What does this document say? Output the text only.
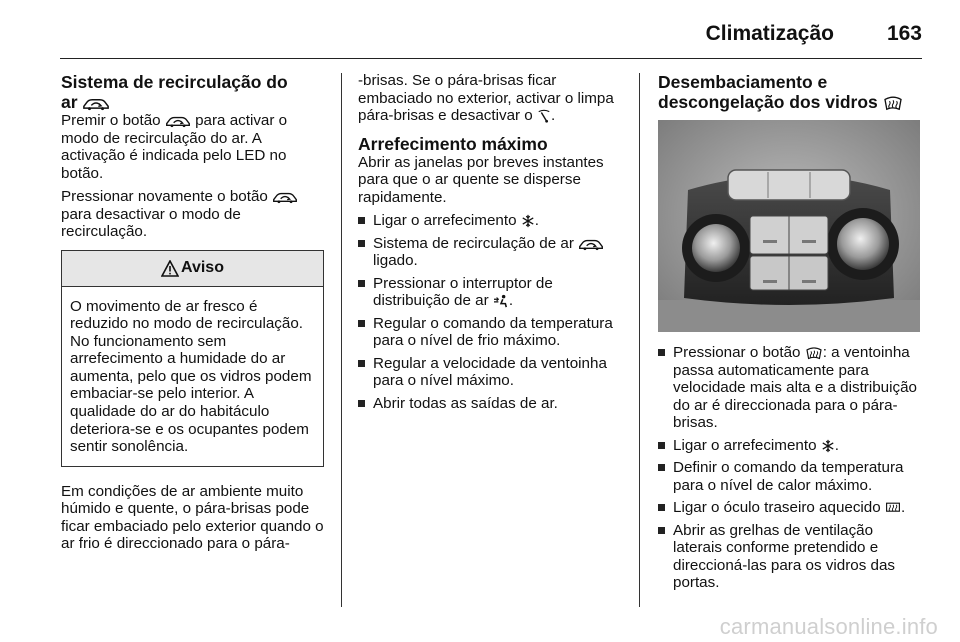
Climatização	163
Sistema de recirculação do
ar

Premir o botão para activar o modo de recirculação do ar. A activação é indicada pelo LED no botão.

Pressionar novamente o botão  para desactivar o modo de recirculação.

Aviso
O movimento de ar fresco é reduzido no modo de recirculação. No funcionamento sem arrefecimento a humidade do ar aumenta, pelo que os vidros podem embaciar-se pelo interior. A qualidade do ar do habitáculo deteriora-se e os ocupantes podem sentir sonolência.

Em condições de ar ambiente muito húmido e quente, o pára-brisas pode ficar embaciado pelo exterior quando o ar frio é direccionado para o pára-

-brisas. Se o pára-brisas ficar embaciado no exterior, activar o limpa pára-brisas e desactivar o .

Arrefecimento máximo

Abrir as janelas por breves instantes para que o ar quente se disperse rapidamente.

Ligar o arrefecimento .
Sistema de recirculação de ar  ligado.
Pressionar o interruptor de distribuição de ar .
Regular o comando da temperatura para o nível de frio máximo.
Regular a velocidade da ventoinha para o nível máximo.
Abrir todas as saídas de ar.
Desembaciamento e
descongelação dos vidros
Pressionar o botão : a ventoinha passa automaticamente para velocidade mais alta e a distribuição do ar é direccionada para o pára-brisas.
Ligar o arrefecimento .
Definir o comando da temperatura para o nível de calor máximo.
Ligar o óculo traseiro aquecido .
Abrir as grelhas de ventilação laterais conforme pretendido e direccioná-las para os vidros das portas.
carmanualsonline.info
